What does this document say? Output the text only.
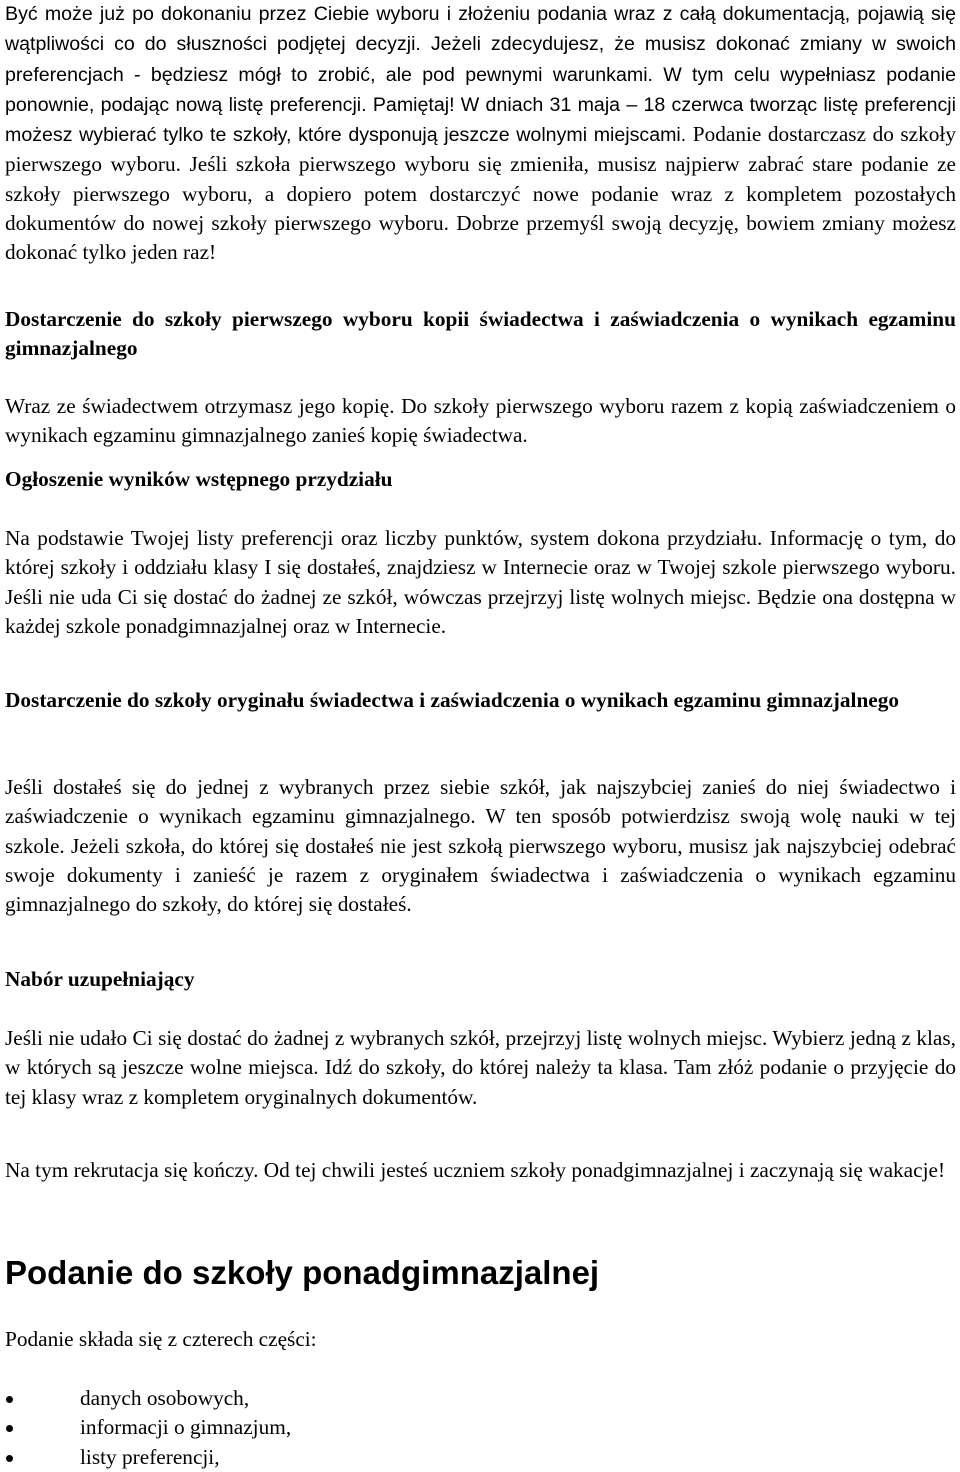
Być może już po dokonaniu przez Ciebie wyboru i złożeniu podania wraz z całą dokumentacją, pojawią się wątpliwości co do słuszności podjętej decyzji. Jeżeli zdecydujesz, że musisz dokonać zmiany w swoich preferencjach - będziesz mógł to zrobić, ale pod pewnymi warunkami. W tym celu wypełniasz podanie ponownie, podając nową listę preferencji. Pamiętaj! W dniach 31 maja – 18 czerwca tworząc listę preferencji możesz wybierać tylko te szkoły, które dysponują jeszcze wolnymi miejscami. Podanie dostarczasz do szkoły pierwszego wyboru. Jeśli szkoła pierwszego wyboru się zmieniła, musisz najpierw zabrać stare podanie ze szkoły pierwszego wyboru, a dopiero potem dostarczyć nowe podanie wraz z kompletem pozostałych dokumentów do nowej szkoły pierwszego wyboru. Dobrze przemyśl swoją decyzję, bowiem zmiany możesz dokonać tylko jeden raz!

Dostarczenie do szkoły pierwszego wyboru kopii świadectwa i zaświadczenia o wynikach egzaminu gimnazjalnego

Wraz ze świadectwem otrzymasz jego kopię. Do szkoły pierwszego wyboru razem z kopią zaświadczeniem o wynikach egzaminu gimnazjalnego zanieś kopię świadectwa.

Ogłoszenie wyników wstępnego przydziału

Na podstawie Twojej listy preferencji oraz liczby punktów, system dokona przydziału. Informację o tym, do której szkoły i oddziału klasy I się dostałeś, znajdziesz w Internecie oraz w Twojej szkole pierwszego wyboru. Jeśli nie uda Ci się dostać do żadnej ze szkół, wówczas przejrzyj listę wolnych miejsc. Będzie ona dostępna w każdej szkole ponadgimnazjalnej oraz w Internecie.

Dostarczenie do szkoły oryginału świadectwa i zaświadczenia o wynikach egzaminu gimnazjalnego

Jeśli dostałeś się do jednej z wybranych przez siebie szkół, jak najszybciej zanieś do niej świadectwo i zaświadczenie o wynikach egzaminu gimnazjalnego. W ten sposób potwierdzisz swoją wolę nauki w tej szkole. Jeżeli szkoła, do której się dostałeś nie jest szkołą pierwszego wyboru, musisz jak najszybciej odebrać swoje dokumenty i zanieść je razem z oryginałem świadectwa i zaświadczenia o wynikach egzaminu gimnazjalnego do szkoły, do której się dostałeś.

Nabór uzupełniający

Jeśli nie udało Ci się dostać do żadnej z wybranych szkół, przejrzyj listę wolnych miejsc. Wybierz jedną z klas, w których są jeszcze wolne miejsca. Idź do szkoły, do której należy ta klasa. Tam złóż podanie o przyjęcie do tej klasy wraz z kompletem oryginalnych dokumentów.

Na tym rekrutacja się kończy. Od tej chwili jesteś uczniem szkoły ponadgimnazjalnej i zaczynają się wakacje!

Podanie do szkoły ponadgimnazjalnej

Podanie składa się z czterech części:

danych osobowych,
informacji o gimnazjum,
listy preferencji,
